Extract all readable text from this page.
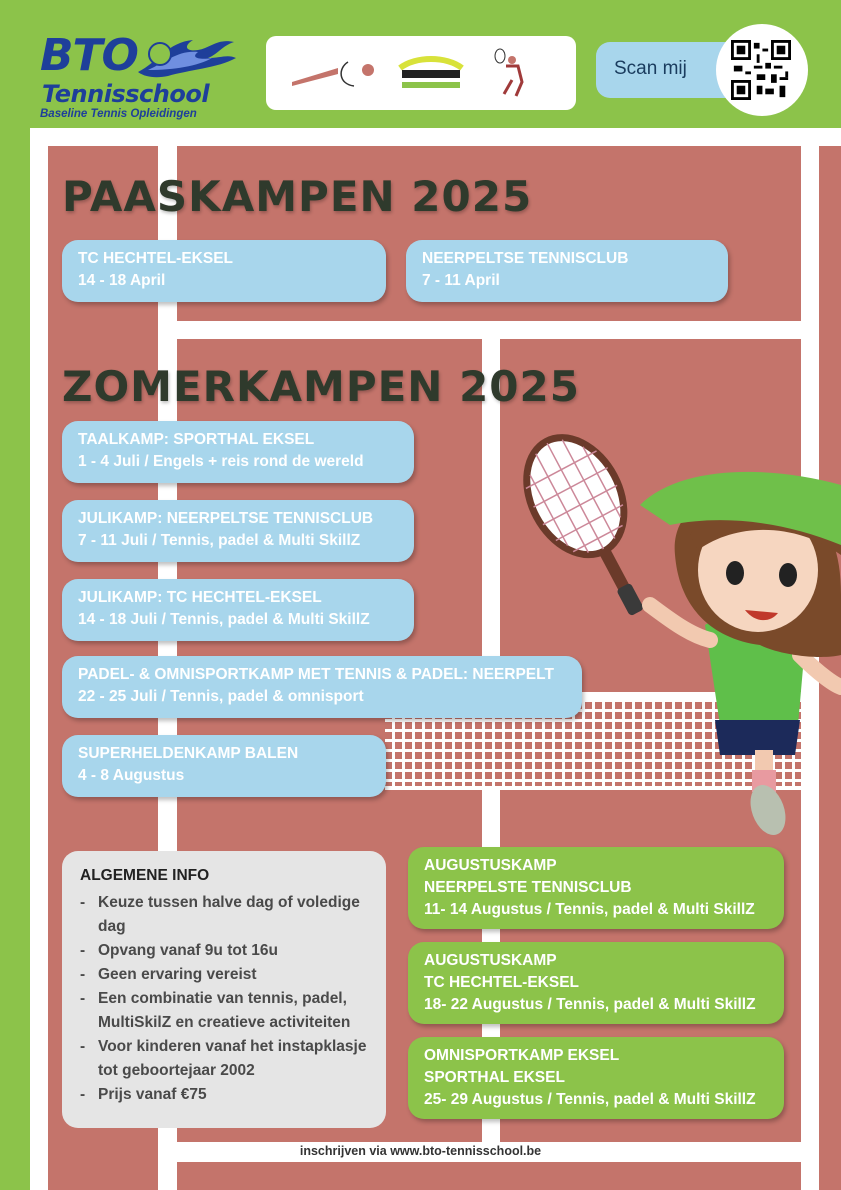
BTO
Tennisschool
Baseline Tennis Opleidingen
Scan mij
PAASKAMPEN 2025
ZOMERKAMPEN 2025
TC HECHTEL-EKSEL
14 - 18 April
NEERPELTSE TENNISCLUB
7 - 11 April
TAALKAMP: SPORTHAL EKSEL
1 - 4 Juli / Engels + reis rond de wereld
JULIKAMP: NEERPELTSE TENNISCLUB
7 - 11 Juli / Tennis, padel & Multi SkillZ
JULIKAMP: TC HECHTEL-EKSEL
14 - 18 Juli / Tennis, padel & Multi SkillZ
PADEL- & OMNISPORTKAMP MET TENNIS & PADEL: NEERPELT
22 - 25 Juli / Tennis, padel & omnisport
SUPERHELDENKAMP BALEN
4 - 8 Augustus
ALGEMENE INFO
- Keuze tussen halve dag of voledige dag
- Opvang vanaf 9u tot 16u
- Geen ervaring vereist
- Een combinatie van tennis, padel, MultiSkilZ en creatieve activiteiten
- Voor kinderen vanaf het instapklasje tot geboortejaar 2002
- Prijs vanaf €75
AUGUSTUSKAMP
NEERPELSTE TENNISCLUB
11- 14 Augustus / Tennis, padel & Multi SkillZ
AUGUSTUSKAMP
TC HECHTEL-EKSEL
18- 22 Augustus / Tennis, padel & Multi SkillZ
OMNISPORTKAMP EKSEL
SPORTHAL EKSEL
25- 29 Augustus / Tennis, padel & Multi SkillZ
inschrijven via www.bto-tennisschool.be
